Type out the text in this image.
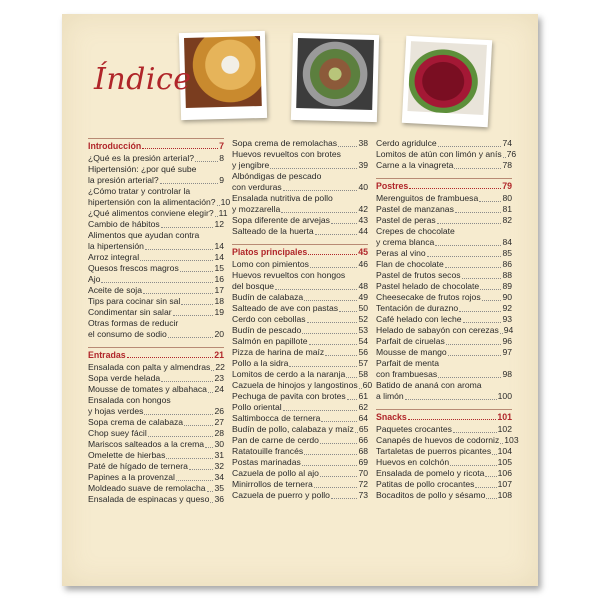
Índice
Introducción	7
¿Qué es la presión arterial?	8
Hipertensión: ¿por qué sube
la presión arterial?	9
¿Cómo tratar y controlar la
hipertensión con la alimentación? 10
¿Qué alimentos conviene elegir? 11
Cambio de hábitos	12
Alimentos que ayudan contra
la hipertensión	14
Arroz integral	14
Quesos frescos magros	15
Ajo	16
Aceite de soja	17
Tips para cocinar sin sal	18
Condimentar sin salar	19
Otras formas de reducir
el consumo de sodio	20
Entradas	21
Ensalada con palta y almendras 22
Sopa verde helada	23
Mousse de tomates y albahaca 24
Ensalada con hongos
y hojas verdes	26
Sopa crema de calabaza	27
Chop suey fácil	28
Mariscos salteados a la crema 30
Omelette de hierbas	31
Paté de hígado de ternera	32
Papines a la provenzal	34
Moldeado suave de remolacha 35
Ensalada de espinacas y queso 36
Sopa crema de remolachas 38
Huevos revueltos con brotes
y jengibre	39
Albóndigas de pescado
con verduras	40
Ensalada nutritiva de pollo
y mozzarella	42
Sopa diferente de arvejas	43
Salteado de la huerta	44
Platos principales	45
Lomo con pimientos	46
Huevos revueltos con hongos
del bosque	48
Budín de calabaza	49
Salteado de ave con pastas 50
Cerdo con cebollas	52
Budín de pescado	53
Salmón en papillote	54
Pizza de harina de maíz	56
Pollo a la sidra	57
Lomitos de cerdo a la naranja 58
Cazuela de hinojos y langostinos 60
Pechuga de pavita con brotes 61
Pollo oriental	62
Saltimbocca de ternera	64
Budín de pollo, calabaza y maíz 65
Pan de carne de cerdo	66
Ratatouille francés	68
Postas marinadas	69
Cazuela de pollo al ajo	70
Minirrollos de ternera	72
Cazuela de puerro y pollo	73
Cerdo agridulce	74
Lomitos de atún con limón y anís 76
Carne a la vinagreta	78
Postres	79
Merenguitos de frambuesa	80
Pastel de manzanas	81
Pastel de peras	82
Crepes de chocolate
y crema blanca	84
Peras al vino	85
Flan de chocolate	86
Pastel de frutos secos	88
Pastel helado de chocolate	89
Cheesecake de frutos rojos	90
Tentación de durazno	92
Café helado con leche	93
Helado de sabayón con cerezas 94
Parfait de ciruelas	96
Mousse de mango	97
Parfait de menta
con frambuesas	98
Batido de ananá con aroma
a limón	100
Snacks	101
Paquetes crocantes	102
Canapés de huevos de codorniz 103
Tartaletas de puerros picantes 104
Huevos en colchón	105
Ensalada de pomelo y ricota 106
Patitas de pollo crocantes	107
Bocaditos de pollo y sésamo 108
